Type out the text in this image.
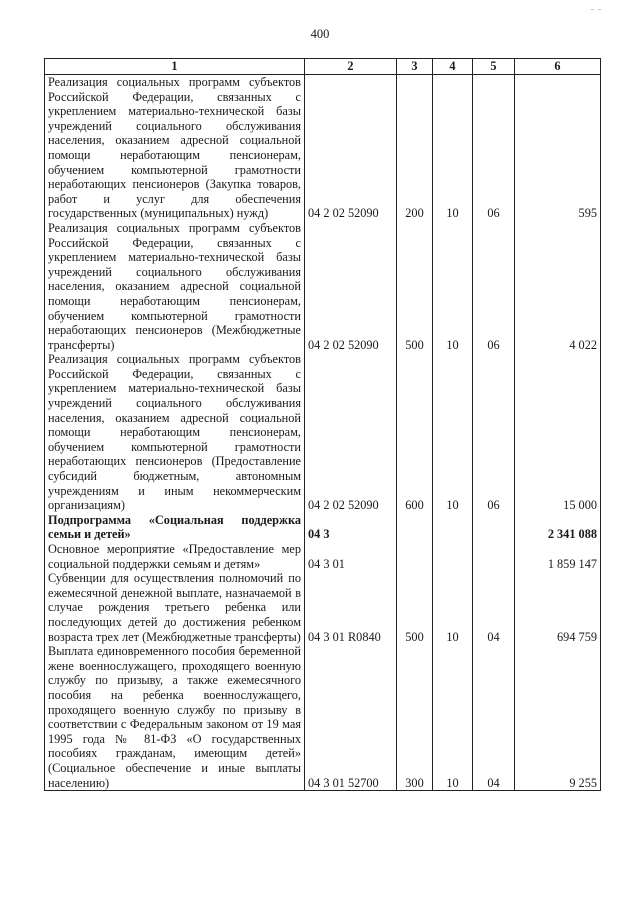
400
1	2	3	4	5	6
Реализация социальных программ субъектов Российской Федерации, связанных с укреплением материально-технической базы учреждений социального обслуживания населения, оказанием адресной социальной помощи неработающим пенсионерам, обучением компьютерной грамотности неработающих пенсионеров (Закупка товаров, работ и услуг для обеспечения государственных (муниципальных) нужд)	04 2 02 52090	200	10	06	595
Реализация социальных программ субъектов Российской Федерации, связанных с укреплением материально-технической базы учреждений социального обслуживания населения, оказанием адресной социальной помощи неработающим пенсионерам, обучением компьютерной грамотности неработающих пенсионеров (Межбюджетные трансферты)	04 2 02 52090	500	10	06	4 022
Реализация социальных программ субъектов Российской Федерации, связанных с укреплением материально-технической базы учреждений социального обслуживания населения, оказанием адресной социальной помощи неработающим пенсионерам, обучением компьютерной грамотности неработающих пенсионеров (Предоставление субсидий бюджетным, автономным учреждениям и иным некоммерческим организациям)	04 2 02 52090	600	10	06	15 000
Подпрограмма «Социальная поддержка семьи и детей»	04 3				2 341 088
Основное мероприятие «Предоставление мер социальной поддержки семьям и детям»	04 3 01				1 859 147
Субвенции для осуществления полномочий по ежемесячной денежной выплате, назначаемой в случае рождения третьего ребенка или последующих детей до достижения ребенком возраста трех лет (Межбюджетные трансферты)	04 3 01 R0840	500	10	04	694 759
Выплата единовременного пособия беременной жене военнослужащего, проходящего военную службу по призыву, а также ежемесячного пособия на ребенка военнослужащего, проходящего военную службу по призыву в соответствии с Федеральным законом от 19 мая 1995 года № 81-ФЗ «О государственных пособиях гражданам, имеющим детей» (Социальное обеспечение и иные выплаты населению)	04 3 01 52700	300	10	04	9 255
⁻ ⁻
